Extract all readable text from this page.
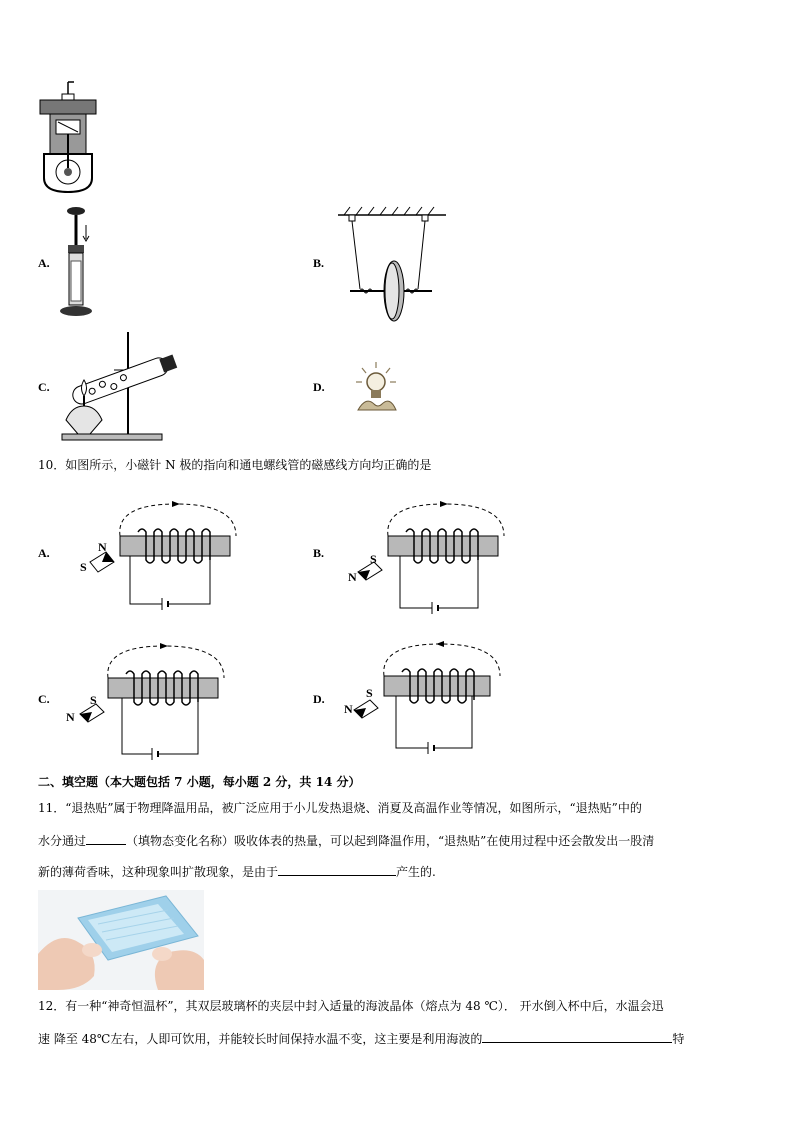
A.	B.
C.	D.
10．如图所示，小磁针 N 极的指向和通电螺线管的磁感线方向均正确的是
A.	N
S
B.	S
N
C.	S
N
D.	S
N
二、填空题（本大题包括 7 小题，每小题 2 分，共 14 分）
11．“退热贴”属于物理降温用品，被广泛应用于小儿发热退烧、消夏及高温作业等情况，如图所示，“退热贴”中的
水分通过	（填物态变化名称）吸收体表的热量，可以起到降温作用，“退热贴”在使用过程中还会散发出一股清
新的薄荷香味，这种现象叫扩散现象，是由于	产生的.
12．有一种“神奇恒温杯”，其双层玻璃杯的夹层中封入适量的海波晶体（熔点为 48 ℃）． 开水倒入杯中后，水温会迅
速 降至 48℃左右，人即可饮用，并能较长时间保持水温不变，这主要是利用海波的	特
